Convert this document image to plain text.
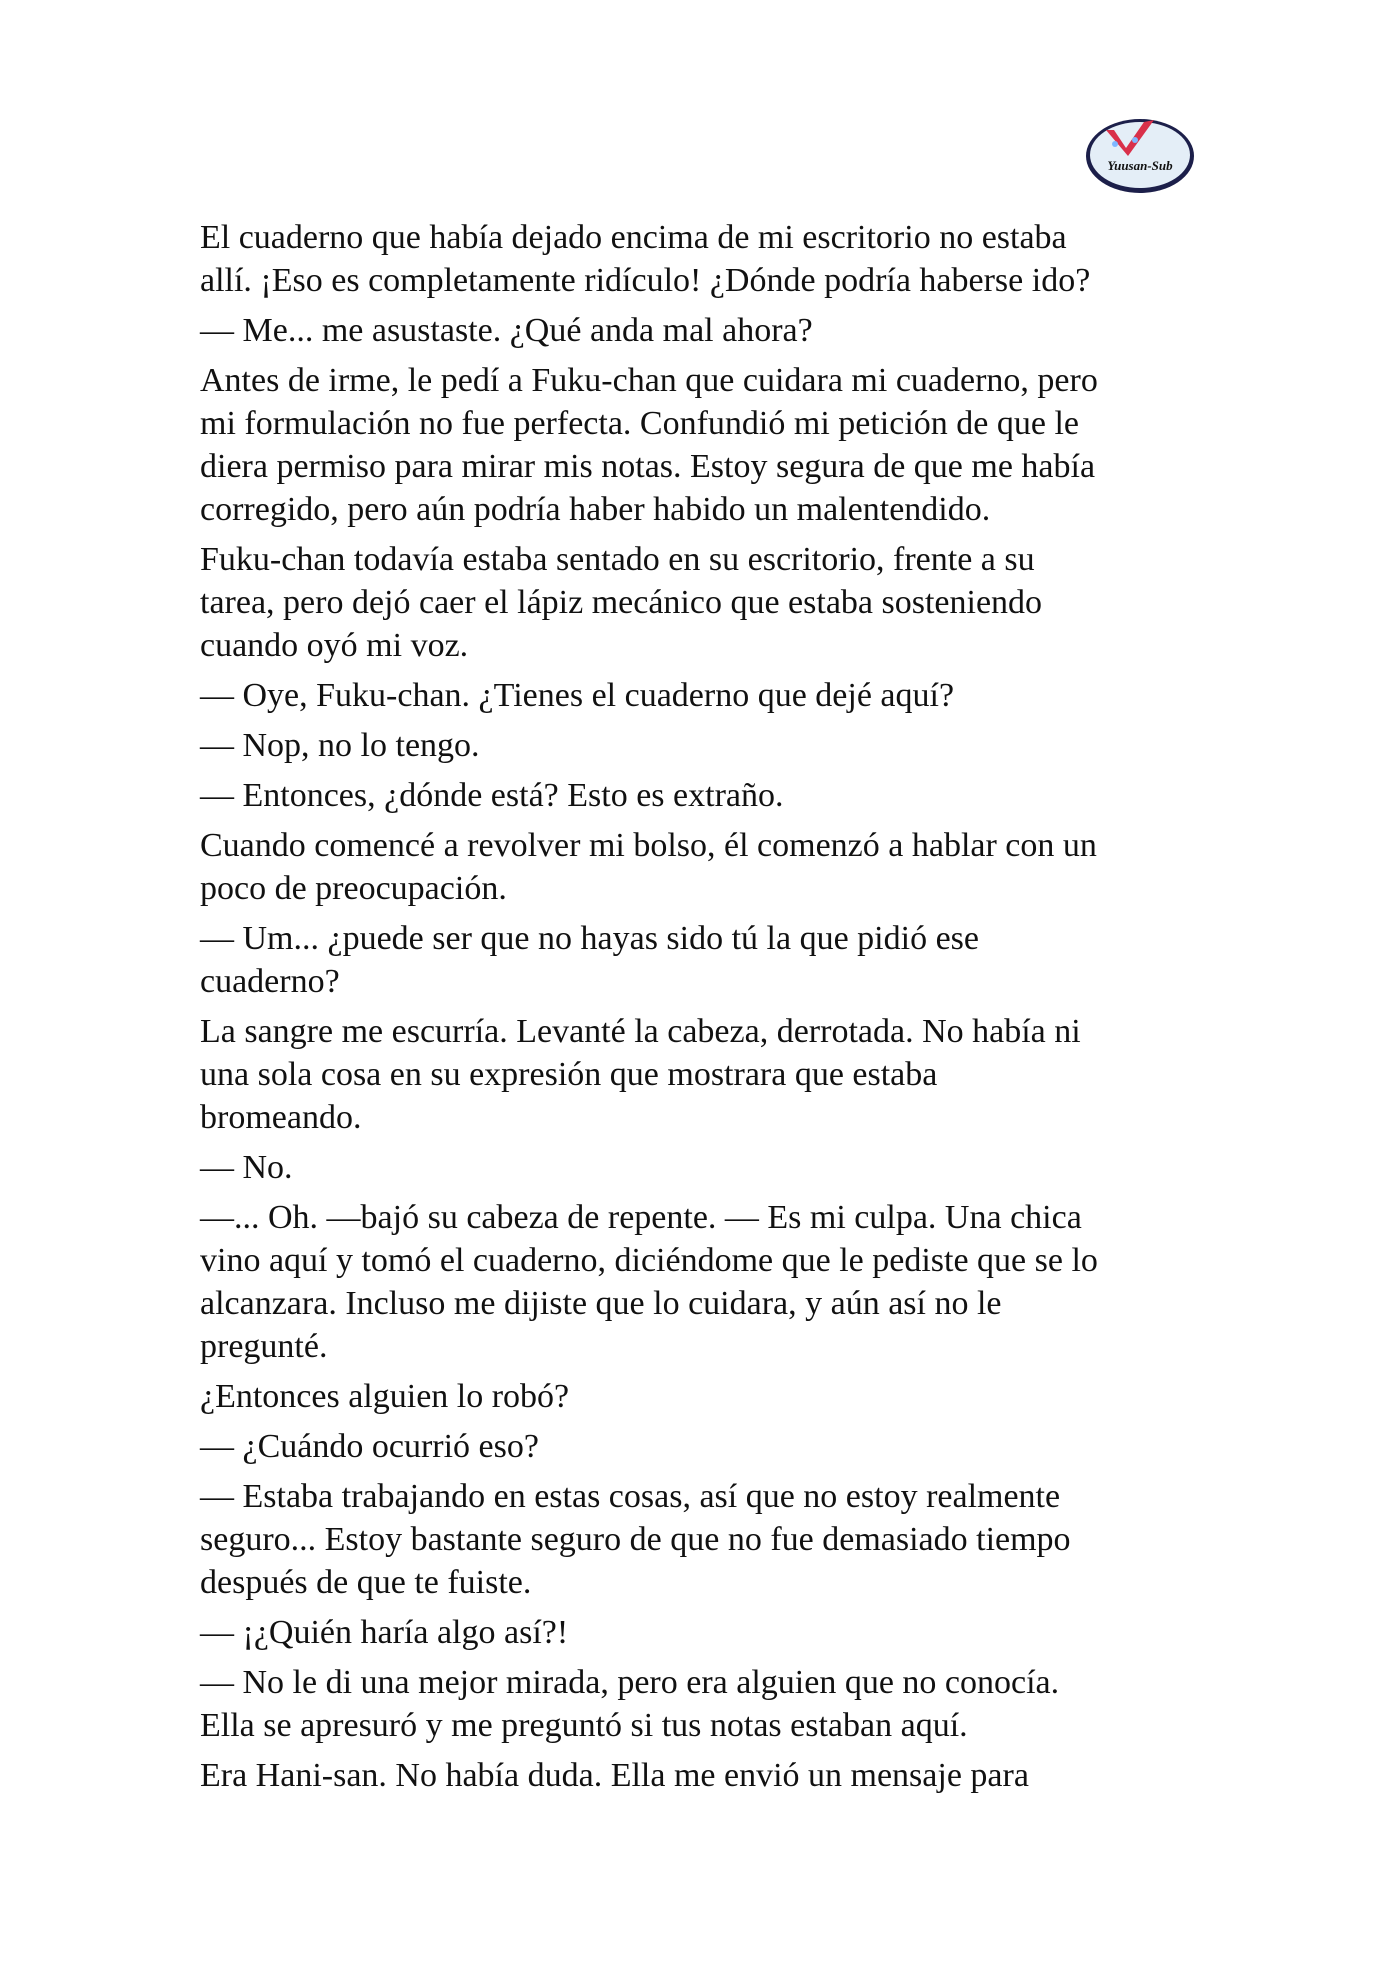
Yuusan-Sub

El cuaderno que había dejado encima de mi escritorio no estaba
allí. ¡Eso es completamente ridículo! ¿Dónde podría haberse ido?

— Me... me asustaste. ¿Qué anda mal ahora?

Antes de irme, le pedí a Fuku-chan que cuidara mi cuaderno, pero
mi formulación no fue perfecta. Confundió mi petición de que le
diera permiso para mirar mis notas. Estoy segura de que me había
corregido, pero aún podría haber habido un malentendido.

Fuku-chan todavía estaba sentado en su escritorio, frente a su
tarea, pero dejó caer el lápiz mecánico que estaba sosteniendo
cuando oyó mi voz.

— Oye, Fuku-chan. ¿Tienes el cuaderno que dejé aquí?

— Nop, no lo tengo.

— Entonces, ¿dónde está? Esto es extraño.

Cuando comencé a revolver mi bolso, él comenzó a hablar con un
poco de preocupación.

— Um... ¿puede ser que no hayas sido tú la que pidió ese
cuaderno?

La sangre me escurría. Levanté la cabeza, derrotada. No había ni
una sola cosa en su expresión que mostrara que estaba
bromeando.

— No.

—... Oh. —bajó su cabeza de repente. — Es mi culpa. Una chica
vino aquí y tomó el cuaderno, diciéndome que le pediste que se lo
alcanzara. Incluso me dijiste que lo cuidara, y aún así no le
pregunté.

¿Entonces alguien lo robó?

— ¿Cuándo ocurrió eso?

— Estaba trabajando en estas cosas, así que no estoy realmente
seguro... Estoy bastante seguro de que no fue demasiado tiempo
después de que te fuiste.

— ¡¿Quién haría algo así?!

— No le di una mejor mirada, pero era alguien que no conocía.
Ella se apresuró y me preguntó si tus notas estaban aquí.

Era Hani-san. No había duda. Ella me envió un mensaje para
